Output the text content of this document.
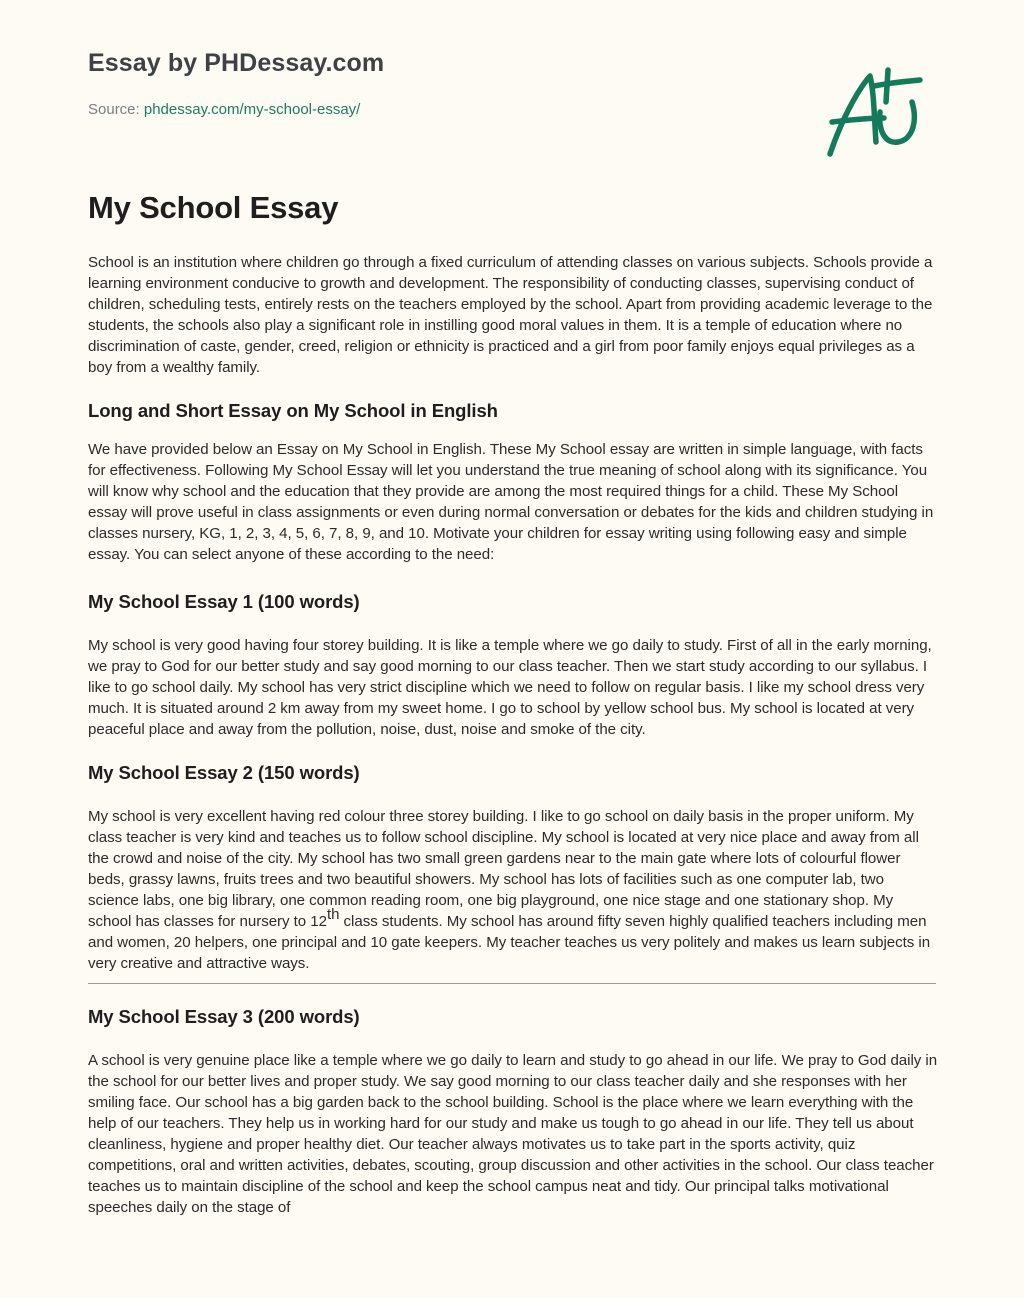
Essay by PHDessay.com

Source: phdessay.com/my-school-essay/

My School Essay

School is an institution where children go through a fixed curriculum of attending classes on various subjects. Schools provide a learning environment conducive to growth and development. The responsibility of conducting classes, supervising conduct of children, scheduling tests, entirely rests on the teachers employed by the school. Apart from providing academic leverage to the students, the schools also play a significant role in instilling good moral values in them. It is a temple of education where no discrimination of caste, gender, creed, religion or ethnicity is practiced and a girl from poor family enjoys equal privileges as a boy from a wealthy family.

Long and Short Essay on My School in English

We have provided below an Essay on My School in English. These My School essay are written in simple language, with facts for effectiveness. Following My School Essay will let you understand the true meaning of school along with its significance. You will know why school and the education that they provide are among the most required things for a child. These My School essay will prove useful in class assignments or even during normal conversation or debates for the kids and children studying in classes nursery, KG, 1, 2, 3, 4, 5, 6, 7, 8, 9, and 10. Motivate your children for essay writing using following easy and simple essay. You can select anyone of these according to the need:

My School Essay 1 (100 words)

My school is very good having four storey building. It is like a temple where we go daily to study. First of all in the early morning, we pray to God for our better study and say good morning to our class teacher. Then we start study according to our syllabus. I like to go school daily. My school has very strict discipline which we need to follow on regular basis. I like my school dress very much. It is situated around 2 km away from my sweet home. I go to school by yellow school bus. My school is located at very peaceful place and away from the pollution, noise, dust, noise and smoke of the city.

My School Essay 2 (150 words)

My school is very excellent having red colour three storey building. I like to go school on daily basis in the proper uniform. My class teacher is very kind and teaches us to follow school discipline. My school is located at very nice place and away from all the crowd and noise of the city. My school has two small green gardens near to the main gate where lots of colourful flower beds, grassy lawns, fruits trees and two beautiful showers. My school has lots of facilities such as one computer lab, two science labs, one big library, one common reading room, one big playground, one nice stage and one stationary shop. My school has classes for nursery to 12th class students. My school has around fifty seven highly qualified teachers including men and women, 20 helpers, one principal and 10 gate keepers. My teacher teaches us very politely and makes us learn subjects in very creative and attractive ways.

My School Essay 3 (200 words)

A school is very genuine place like a temple where we go daily to learn and study to go ahead in our life. We pray to God daily in the school for our better lives and proper study. We say good morning to our class teacher daily and she responses with her smiling face. Our school has a big garden back to the school building. School is the place where we learn everything with the help of our teachers. They help us in working hard for our study and make us tough to go ahead in our life. They tell us about cleanliness, hygiene and proper healthy diet. Our teacher always motivates us to take part in the sports activity, quiz competitions, oral and written activities, debates, scouting, group discussion and other activities in the school. Our class teacher teaches us to maintain discipline of the school and keep the school campus neat and tidy. Our principal talks motivational speeches daily on the stage of
